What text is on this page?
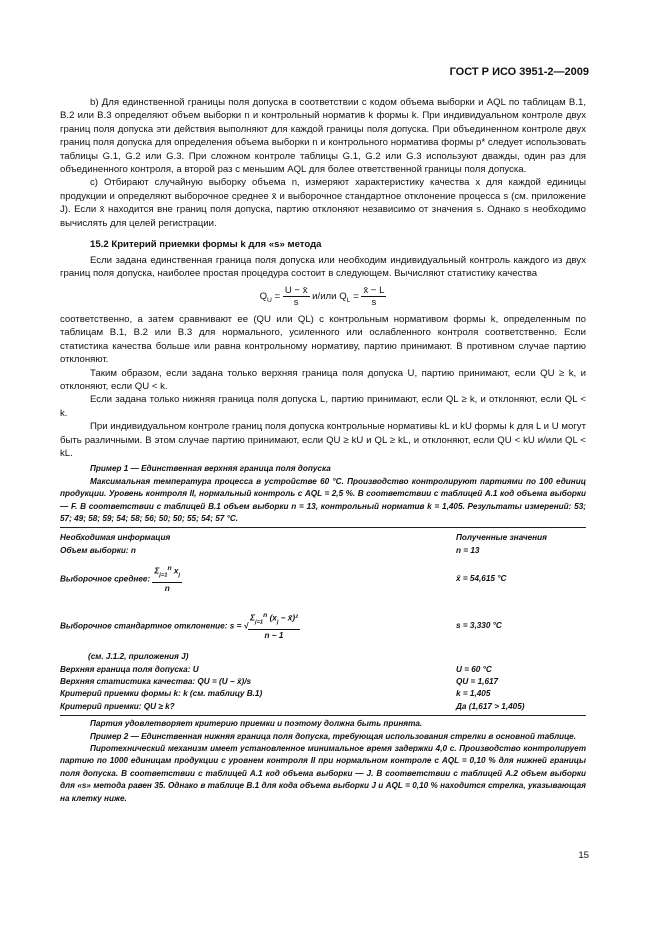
ГОСТ Р ИСО 3951-2—2009

b) Для единственной границы поля допуска в соответствии с кодом объема выборки и AQL по таблицам В.1, В.2 или В.3 определяют объем выборки n и контрольный норматив k формы k. При индивидуальном контроле двух границ поля допуска эти действия выполняют для каждой границы поля допуска. При объединенном контроле двух границ поля допуска для определения объема выборки n и контрольного норматива формы p* следует использовать таблицы G.1, G.2 или G.3. При сложном контроле таблицы G.1, G.2 или G.3 используют дважды, один раз для объединенного контроля, а второй раз с меньшим AQL для более ответственной границы поля допуска.

c) Отбирают случайную выборку объема n, измеряют характеристику качества x для каждой единицы продукции и определяют выборочное среднее x̄ и выборочное стандартное отклонение процесса s (см. приложение J). Если x̄ находится вне границ поля допуска, партию отклоняют независимо от значения s. Однако s необходимо вычислять для целей регистрации.

15.2 Критерий приемки формы k для «s» метода

Если задана единственная граница поля допуска или необходим индивидуальный контроль каждого из двух границ поля допуска, наиболее простая процедура состоит в следующем. Вычисляют статистику качества

$Q_U = \frac{U - x̄}{s} и/или$ $Q_L = \frac{x̄ - L}{s}$

соответственно, а затем сравнивают ее (QU или QL) с контрольным нормативом формы k, определенным по таблицам В.1, В.2 или В.3 для нормального, усиленного или ослабленного контроля соответственно. Если статистика качества больше или равна контрольному нормативу, партию принимают. В противном случае партию отклоняют.

Таким образом, если задана только верхняя граница поля допуска U, партию принимают, если QU ≥ k, и отклоняют, если QU < k.

Если задана только нижняя граница поля допуска L, партию принимают, если QL ≥ k, и отклоняют, если QL < k.

При индивидуальном контроле границ поля допуска контрольные нормативы kL и kU формы k для L и U могут быть различными. В этом случае партию принимают, если QU ≥ kU и QL ≥ kL, и отклоняют, если QU < kU и/или QL < kL.

Пример 1 — Единственная верхняя граница поля допуска

Максимальная температура процесса в устройстве 60 °С. Производство контролируют партиями по 100 единиц продукции. Уровень контроля II, нормальный контроль с AQL = 2,5 %. В соответствии с таблицей А.1 код объема выборки — F. В соответствии с таблицей В.1 объем выборки n = 13, контрольный норматив k = 1,405. Результаты измерений: 53; 57; 49; 58; 59; 54; 58; 56; 50; 50; 55; 54; 57 °С.

Необходимая информация	Полученные значения
Объем выборки: n	n = 13
Выборочное среднее: $\frac{\Sigma_{j=1}^n x_j}{n}$	x̄ = 54,615 °С
Выборочное стандартное отклонение: s = √ $\frac{\Sigma_{j=1}^n (x_j - x̄)^2}{n - 1}$	s = 3,330 °С
(см. J.1.2, приложения J)	
Верхняя граница поля допуска: U	U = 60 °С
Верхняя статистика качества: QU = (U − x̄)/s	QU = 1,617
Критерий приемки формы k: k (см. таблицу В.1)	k = 1,405
Критерий приемки: QU ≥ k?	Да (1,617 > 1,405)

Партия удовлетворяет критерию приемки и поэтому должна быть принята.

Пример 2 — Единственная нижняя граница поля допуска, требующая использования стрелки в основной таблице.

Пиротехнический механизм имеет установленное минимальное время задержки 4,0 с. Производство контролирует партию по 1000 единицам продукции с уровнем контроля II при нормальном контроле с AQL = 0,10 % для нижней границы поля допуска. В соответствии с таблицей А.1 код объема выборки — J. В соответствии с таблицей А.2 объем выборки для «s» метода равен 35. Однако в таблице В.1 для кода объема выборки J и AQL = 0,10 % находится стрелка, указывающая на клетку ниже.

15
